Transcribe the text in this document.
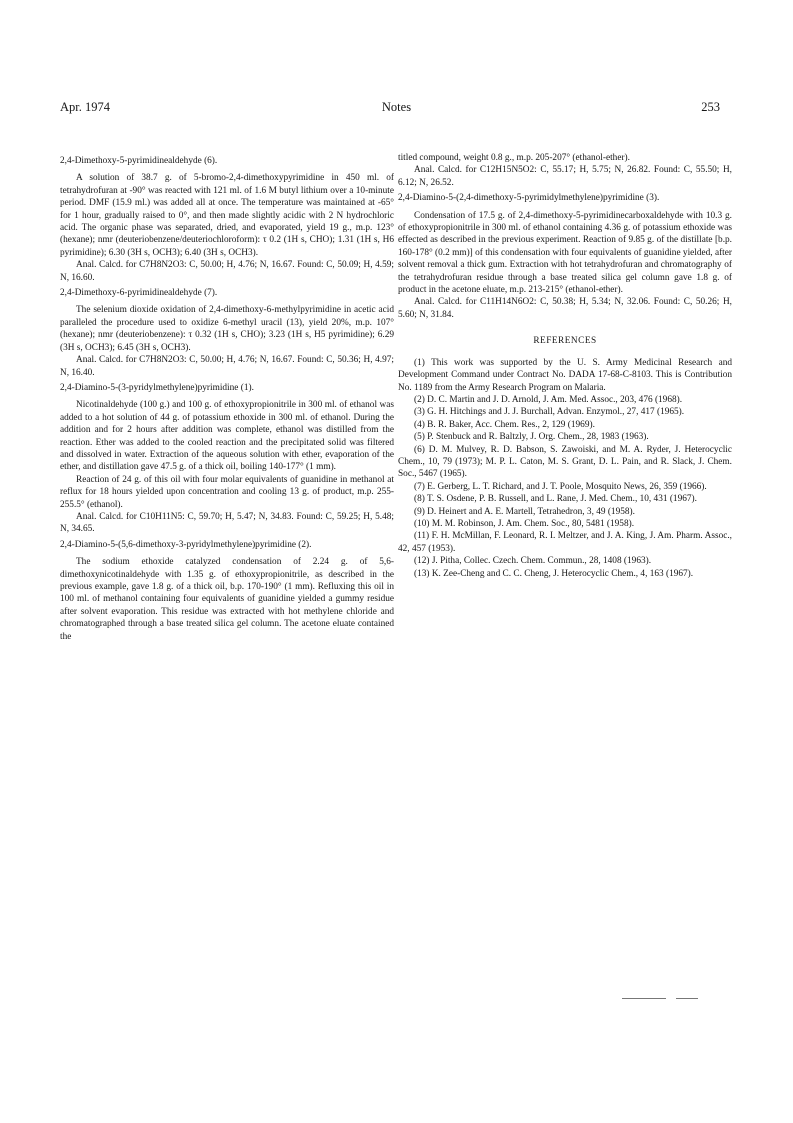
Apr. 1974	Notes	253

2,4-Dimethoxy-5-pyrimidinealdehyde (6).

A solution of 38.7 g. of 5-bromo-2,4-dimethoxypyrimidine in 450 ml. of tetrahydrofuran at -90° was reacted with 121 ml. of 1.6 M butyl lithium over a 10-minute period. DMF (15.9 ml.) was added all at once. The temperature was maintained at -65° for 1 hour, gradually raised to 0°, and then made slightly acidic with 2 N hydrochloric acid. The organic phase was separated, dried, and evaporated, yield 19 g., m.p. 123° (hexane); nmr (deuteriobenzene/deuteriochloroform): τ 0.2 (1H s, CHO); 1.31 (1H s, H6 pyrimidine); 6.30 (3H s, OCH3); 6.40 (3H s, OCH3).

Anal. Calcd. for C7H8N2O3: C, 50.00; H, 4.76; N, 16.67. Found: C, 50.09; H, 4.59; N, 16.60.

2,4-Dimethoxy-6-pyrimidinealdehyde (7).

The selenium dioxide oxidation of 2,4-dimethoxy-6-methylpyrimidine in acetic acid paralleled the procedure used to oxidize 6-methyl uracil (13), yield 20%, m.p. 107° (hexane); nmr (deuteriobenzene): τ 0.32 (1H s, CHO); 3.23 (1H s, H5 pyrimidine); 6.29 (3H s, OCH3); 6.45 (3H s, OCH3).

Anal. Calcd. for C7H8N2O3: C, 50.00; H, 4.76; N, 16.67. Found: C, 50.36; H, 4.97; N, 16.40.

2,4-Diamino-5-(3-pyridylmethylene)pyrimidine (1).

Nicotinaldehyde (100 g.) and 100 g. of ethoxypropionitrile in 300 ml. of ethanol was added to a hot solution of 44 g. of potassium ethoxide in 300 ml. of ethanol. During the addition and for 2 hours after addition was complete, ethanol was distilled from the reaction. Ether was added to the cooled reaction and the precipitated solid was filtered and dissolved in water. Extraction of the aqueous solution with ether, evaporation of the ether, and distillation gave 47.5 g. of a thick oil, boiling 140-177° (1 mm).

Reaction of 24 g. of this oil with four molar equivalents of guanidine in methanol at reflux for 18 hours yielded upon concentration and cooling 13 g. of product, m.p. 255-255.5° (ethanol).

Anal. Calcd. for C10H11N5: C, 59.70; H, 5.47; N, 34.83. Found: C, 59.25; H, 5.48; N, 34.65.

2,4-Diamino-5-(5,6-dimethoxy-3-pyridylmethylene)pyrimidine (2).

The sodium ethoxide catalyzed condensation of 2.24 g. of 5,6-dimethoxynicotinaldehyde with 1.35 g. of ethoxypropionitrile, as described in the previous example, gave 1.8 g. of a thick oil, b.p. 170-190° (1 mm). Refluxing this oil in 100 ml. of methanol containing four equivalents of guanidine yielded a gummy residue after solvent evaporation. This residue was extracted with hot methylene chloride and chromatographed through a base treated silica gel column. The acetone eluate contained the

titled compound, weight 0.8 g., m.p. 205-207° (ethanol-ether).

Anal. Calcd. for C12H15N5O2: C, 55.17; H, 5.75; N, 26.82. Found: C, 55.50; H, 6.12; N, 26.52.

2,4-Diamino-5-(2,4-dimethoxy-5-pyrimidylmethylene)pyrimidine (3).

Condensation of 17.5 g. of 2,4-dimethoxy-5-pyrimidinecarboxaldehyde with 10.3 g. of ethoxypropionitrile in 300 ml. of ethanol containing 4.36 g. of potassium ethoxide was effected as described in the previous experiment. Reaction of 9.85 g. of the distillate [b.p. 160-178° (0.2 mm)] of this condensation with four equivalents of guanidine yielded, after solvent removal a thick gum. Extraction with hot tetrahydrofuran and chromatography of the tetrahydrofuran residue through a base treated silica gel column gave 1.8 g. of product in the acetone eluate, m.p. 213-215° (ethanol-ether).

Anal. Calcd. for C11H14N6O2: C, 50.38; H, 5.34; N, 32.06. Found: C, 50.26; H, 5.60; N, 31.84.

REFERENCES

(1) This work was supported by the U. S. Army Medicinal Research and Development Command under Contract No. DADA 17-68-C-8103. This is Contribution No. 1189 from the Army Research Program on Malaria.

(2) D. C. Martin and J. D. Arnold, J. Am. Med. Assoc., 203, 476 (1968).

(3) G. H. Hitchings and J. J. Burchall, Advan. Enzymol., 27, 417 (1965).

(4) B. R. Baker, Acc. Chem. Res., 2, 129 (1969).

(5) P. Stenbuck and R. Baltzly, J. Org. Chem., 28, 1983 (1963).

(6) D. M. Mulvey, R. D. Babson, S. Zawoiski, and M. A. Ryder, J. Heterocyclic Chem., 10, 79 (1973); M. P. L. Caton, M. S. Grant, D. L. Pain, and R. Slack, J. Chem. Soc., 5467 (1965).

(7) E. Gerberg, L. T. Richard, and J. T. Poole, Mosquito News, 26, 359 (1966).

(8) T. S. Osdene, P. B. Russell, and L. Rane, J. Med. Chem., 10, 431 (1967).

(9) D. Heinert and A. E. Martell, Tetrahedron, 3, 49 (1958).

(10) M. M. Robinson, J. Am. Chem. Soc., 80, 5481 (1958).

(11) F. H. McMillan, F. Leonard, R. I. Meltzer, and J. A. King, J. Am. Pharm. Assoc., 42, 457 (1953).

(12) J. Pitha, Collec. Czech. Chem. Commun., 28, 1408 (1963).

(13) K. Zee-Cheng and C. C. Cheng, J. Heterocyclic Chem., 4, 163 (1967).
